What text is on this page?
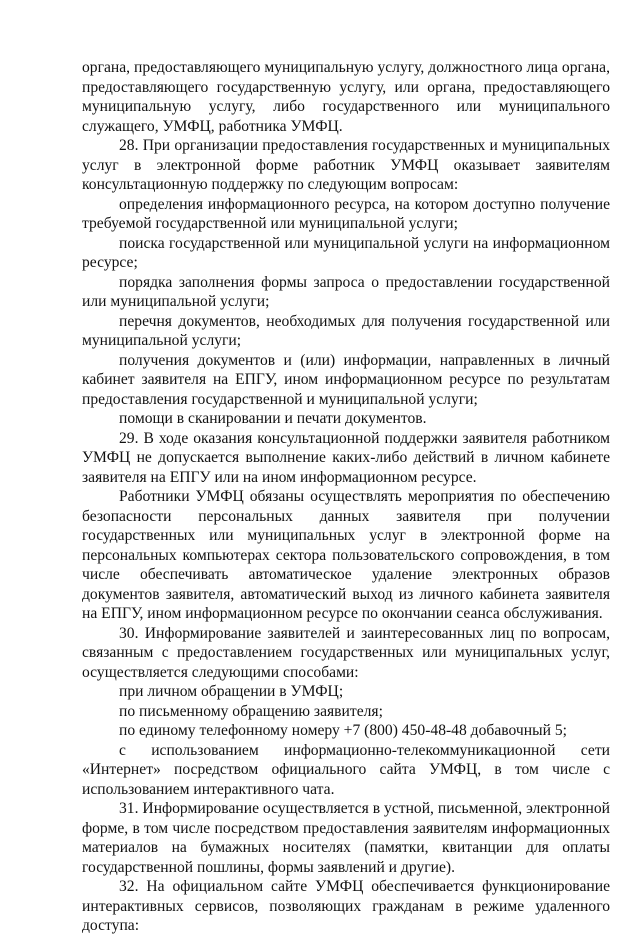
органа, предоставляющего муниципальную услугу, должностного лица органа, предоставляющего государственную услугу, или органа, предоставляющего муниципальную услугу, либо государственного или муниципального служащего, УМФЦ, работника УМФЦ.

28. При организации предоставления государственных и муниципальных услуг в электронной форме работник УМФЦ оказывает заявителям консультационную поддержку по следующим вопросам:

определения информационного ресурса, на котором доступно получение требуемой государственной или муниципальной услуги;

поиска государственной или муниципальной услуги на информационном ресурсе;

порядка заполнения формы запроса о предоставлении государственной или муниципальной услуги;

перечня документов, необходимых для получения государственной или муниципальной услуги;

получения документов и (или) информации, направленных в личный кабинет заявителя на ЕПГУ, ином информационном ресурсе по результатам предоставления государственной и муниципальной услуги;

помощи в сканировании и печати документов.

29. В ходе оказания консультационной поддержки заявителя работником УМФЦ не допускается выполнение каких-либо действий в личном кабинете заявителя на ЕПГУ или на ином информационном ресурсе.

Работники УМФЦ обязаны осуществлять мероприятия по обеспечению безопасности персональных данных заявителя при получении государственных или муниципальных услуг в электронной форме на персональных компьютерах сектора пользовательского сопровождения, в том числе обеспечивать автоматическое удаление электронных образов документов заявителя, автоматический выход из личного кабинета заявителя на ЕПГУ, ином информационном ресурсе по окончании сеанса обслуживания.

30. Информирование заявителей и заинтересованных лиц по вопросам, связанным с предоставлением государственных или муниципальных услуг, осуществляется следующими способами:

при личном обращении в УМФЦ;

по письменному обращению заявителя;

по единому телефонному номеру +7 (800) 450-48-48 добавочный 5;

с использованием информационно-телекоммуникационной сети «Интернет» посредством официального сайта УМФЦ, в том числе с использованием интерактивного чата.

31. Информирование осуществляется в устной, письменной, электронной форме, в том числе посредством предоставления заявителям информационных материалов на бумажных носителях (памятки, квитанции для оплаты государственной пошлины, формы заявлений и другие).

32. На официальном сайте УМФЦ обеспечивается функционирование интерактивных сервисов, позволяющих гражданам в режиме удаленного доступа:
